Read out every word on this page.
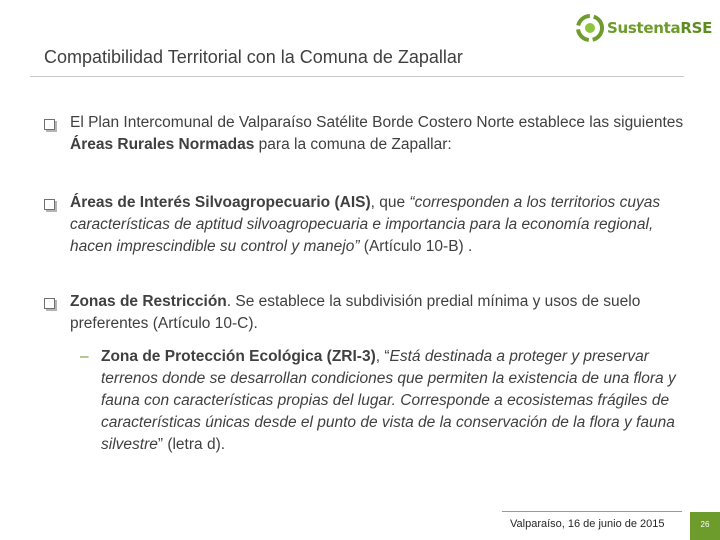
SustentaRSE
Compatibilidad Territorial con la Comuna de Zapallar
El Plan Intercomunal de Valparaíso Satélite Borde Costero Norte establece las siguientes Áreas Rurales Normadas para la comuna de Zapallar:
Áreas de Interés Silvoagropecuario (AIS), que “corresponden a los territorios cuyas características de aptitud silvoagropecuaria e importancia para la economía regional, hacen imprescindible su control y manejo” (Artículo 10-B) .
Zonas de Restricción. Se establece la subdivisión predial mínima y usos de suelo preferentes (Artículo 10-C).
– Zona de Protección Ecológica (ZRI-3), “Está destinada a proteger y preservar terrenos donde se desarrollan condiciones que permiten la existencia de una flora y fauna con características propias del lugar. Corresponde a ecosistemas frágiles de características únicas desde el punto de vista de la conservación de la flora y fauna silvestre” (letra d).
Valparaíso, 16 de junio de 2015	26
